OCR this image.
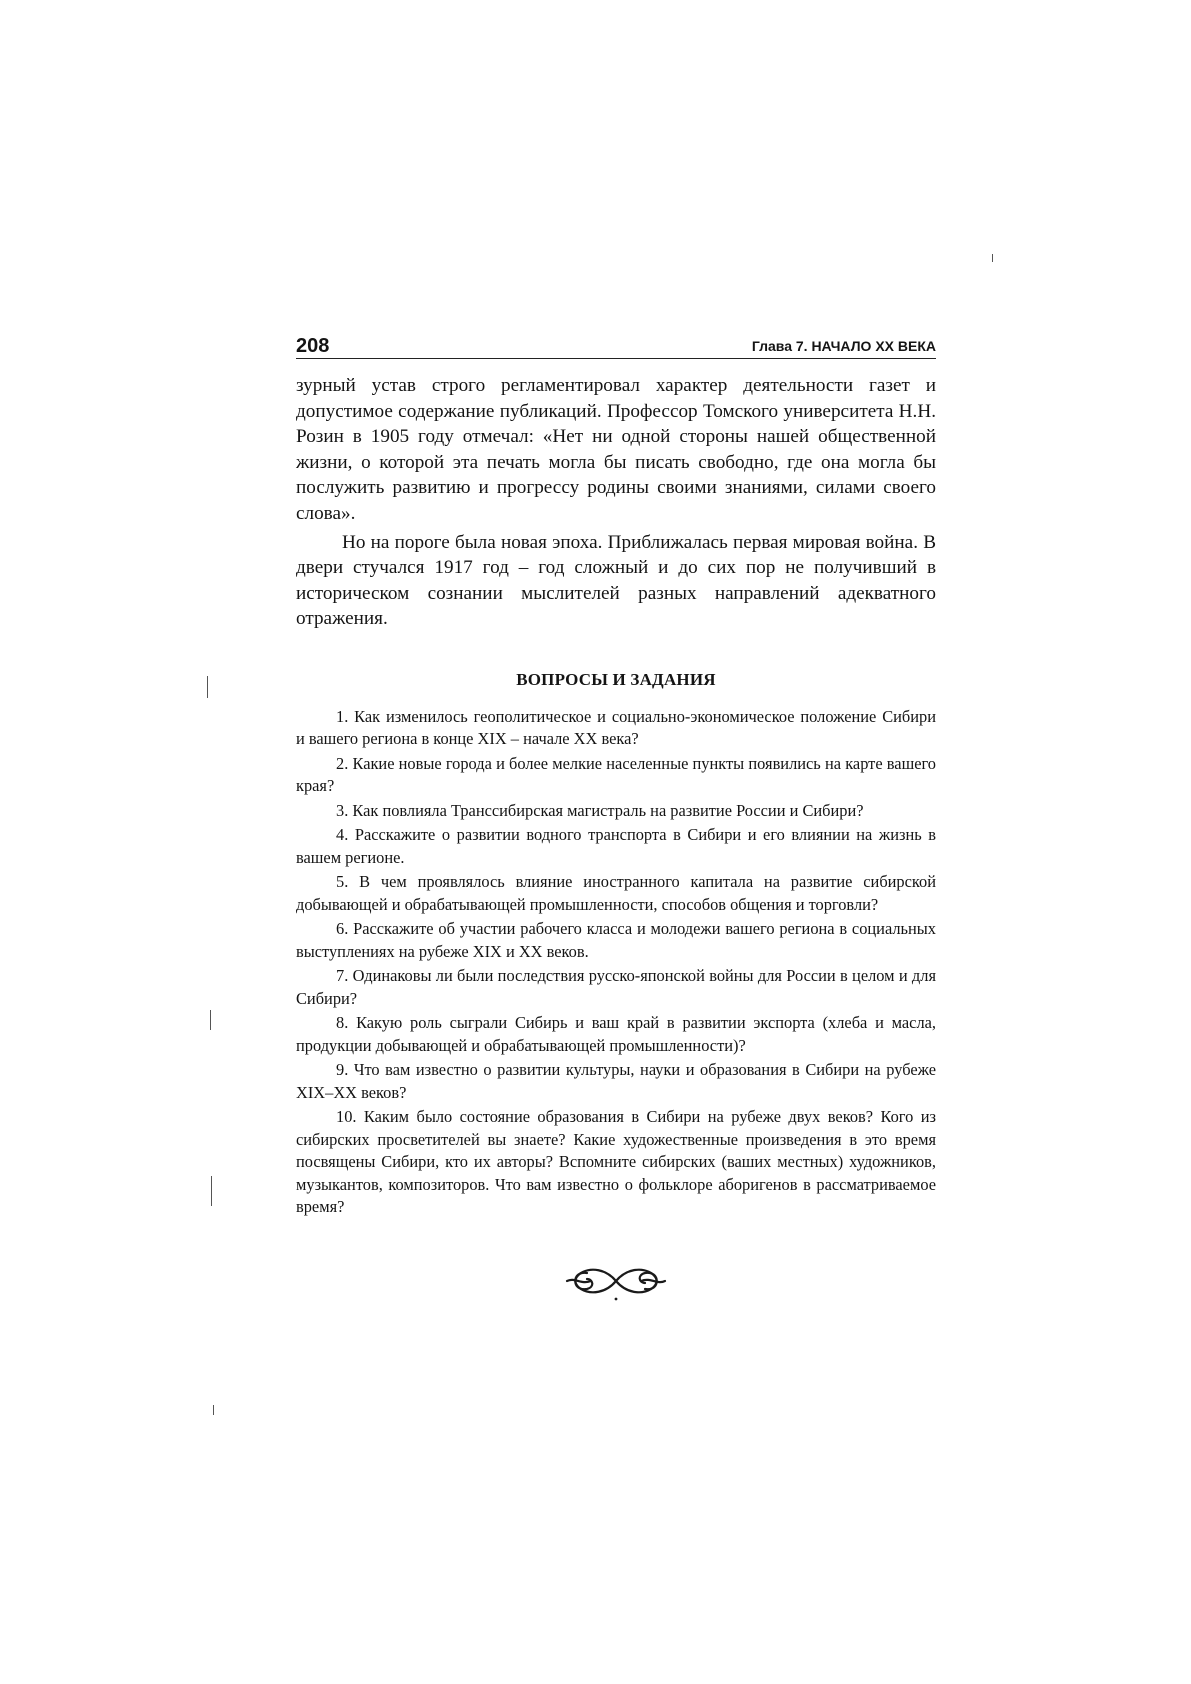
208	Глава 7. НАЧАЛО XX ВЕКА

зурный устав строго регламентировал характер деятельности газет и допустимое содержание публикаций. Профессор Томского университета Н.Н. Розин в 1905 году отмечал: «Нет ни одной стороны нашей общественной жизни, о которой эта печать могла бы писать свободно, где она могла бы послужить развитию и прогрессу родины своими знаниями, силами своего слова».

Но на пороге была новая эпоха. Приближалась первая мировая война. В двери стучался 1917 год – год сложный и до сих пор не получивший в историческом сознании мыслителей разных направлений адекватного отражения.

ВОПРОСЫ И ЗАДАНИЯ

1. Как изменилось геополитическое и социально-экономическое положение Сибири и вашего региона в конце XIX – начале XX века?

2. Какие новые города и более мелкие населенные пункты появились на карте вашего края?

3. Как повлияла Транссибирская магистраль на развитие России и Сибири?

4. Расскажите о развитии водного транспорта в Сибири и его влиянии на жизнь в вашем регионе.

5. В чем проявлялось влияние иностранного капитала на развитие сибирской добывающей и обрабатывающей промышленности, способов общения и торговли?

6. Расскажите об участии рабочего класса и молодежи вашего региона в социальных выступлениях на рубеже XIX и XX веков.

7. Одинаковы ли были последствия русско-японской войны для России в целом и для Сибири?

8. Какую роль сыграли Сибирь и ваш край в развитии экспорта (хлеба и масла, продукции добывающей и обрабатывающей промышленности)?

9. Что вам известно о развитии культуры, науки и образования в Сибири на рубеже XIX–XX веков?

10. Каким было состояние образования в Сибири на рубеже двух веков? Кого из сибирских просветителей вы знаете? Какие художественные произведения в это время посвящены Сибири, кто их авторы? Вспомните сибирских (ваших местных) художников, музыкантов, композиторов. Что вам известно о фольклоре аборигенов в рассматриваемое время?
